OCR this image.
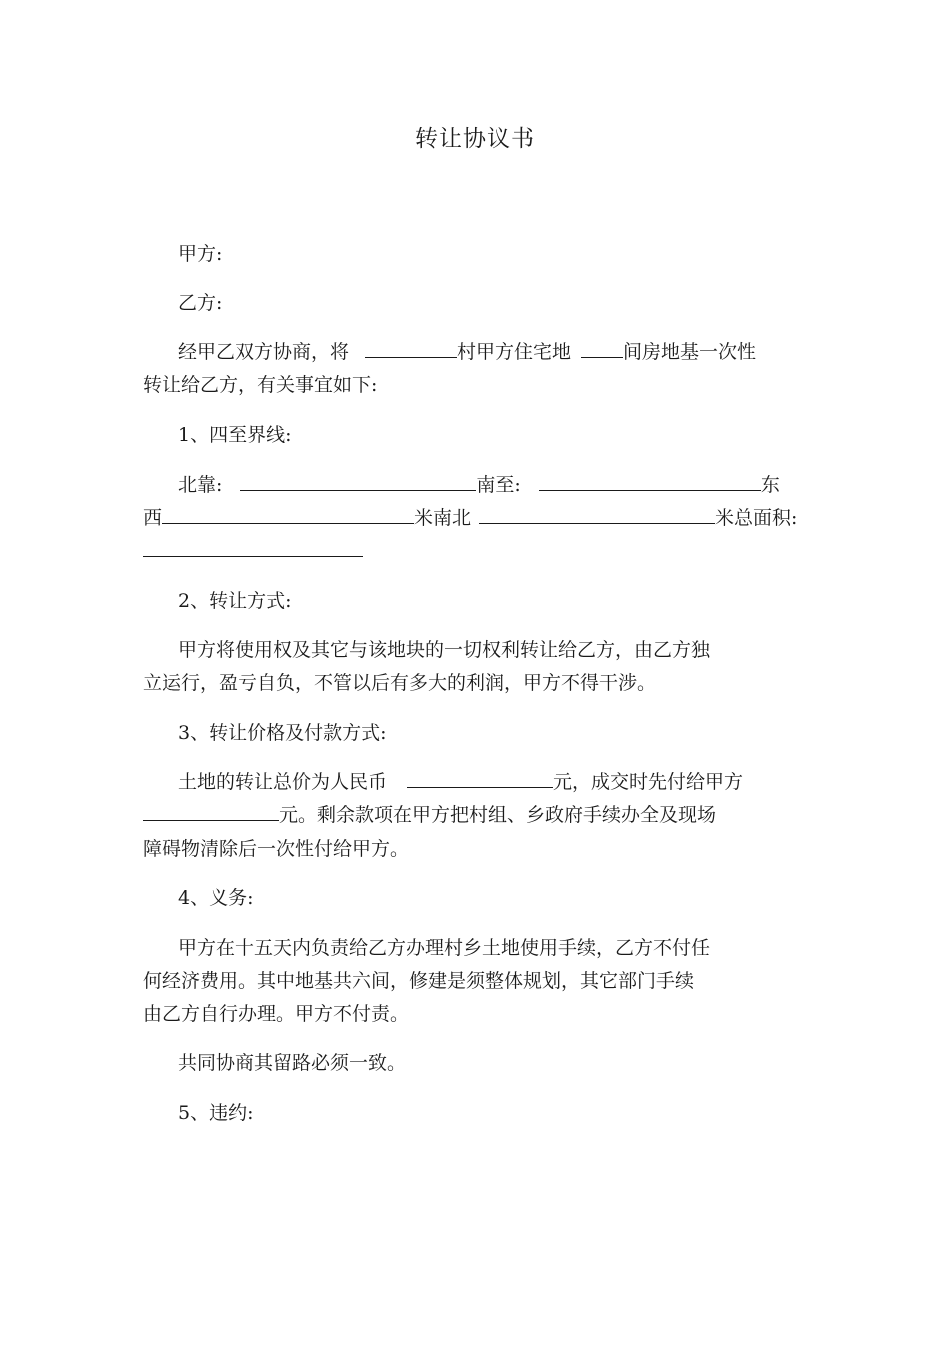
转让协议书

甲方:

乙方:

经甲乙双方协商，将	村甲方住宅地	间房地基一次性

转让给乙方，有关事宜如下:

1、四至界线:

北靠:	南至:	东

西	米南北	米总面积:

2、转让方式:

甲方将使用权及其它与该地块的一切权利转让给乙方，由乙方独

立运行，盈亏自负，不管以后有多大的利润，甲方不得干涉。

3、转让价格及付款方式:

土地的转让总价为人民币	元，成交时先付给甲方

元。剩余款项在甲方把村组、乡政府手续办全及现场

障碍物清除后一次性付给甲方。

4、义务:

甲方在十五天内负责给乙方办理村乡土地使用手续，乙方不付任

何经济费用。其中地基共六间，修建是须整体规划，其它部门手续

由乙方自行办理。甲方不付责。

共同协商其留路必须一致。

5、违约:
